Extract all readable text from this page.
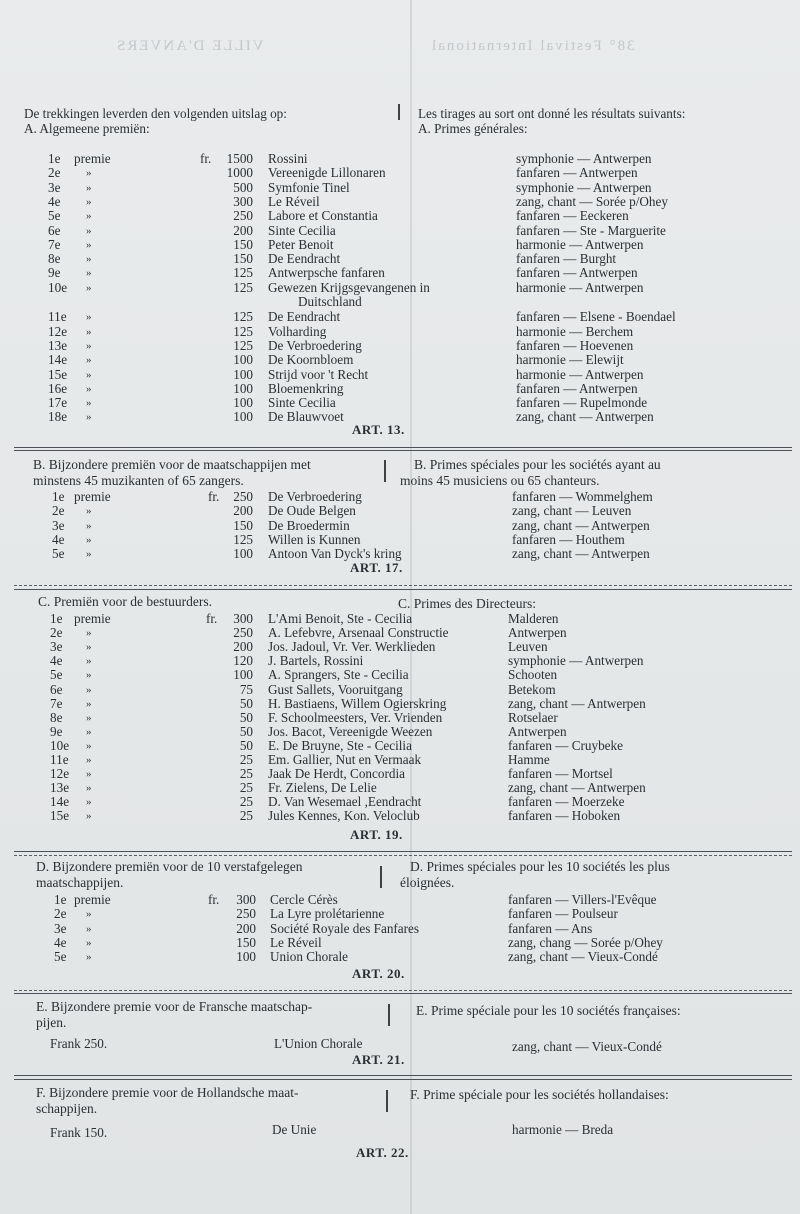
VILLE D'ANVERS	38° Festival International
De trekkingen leverden den volgenden uitslag op:
A. Algemeene premiën:
Les tirages au sort ont donné les résultats suivants:
A. Primes générales:
1e premie	fr.	1500 Rossini	symphonie — Antwerpen
2e »	1000 Vereenigde Lillonaren	fanfaren — Antwerpen
3e »	500 Symfonie Tinel	symphonie — Antwerpen
4e »	300 Le Réveil	zang, chant — Sorée p/Ohey
5e »	250 Labore et Constantia	fanfaren — Eeckeren
6e »	200 Sinte Cecilia	fanfaren — Ste - Marguerite
7e »	150 Peter Benoit	harmonie — Antwerpen
8e »	150 De Eendracht	fanfaren — Burght
9e »	125 Antwerpsche fanfaren	fanfaren — Antwerpen
10e »	125 Gewezen Krijgsgevangenen in	harmonie — Antwerpen
Duitschland
11e »	125 De Eendracht	fanfaren — Elsene - Boendael
12e »	125 Volharding	harmonie — Berchem
13e »	125 De Verbroedering	fanfaren — Hoevenen
14e »	100 De Koornbloem	harmonie — Elewijt
15e »	100 Strijd voor 't Recht	harmonie — Antwerpen
16e »	100 Bloemenkring	fanfaren — Antwerpen
17e »	100 Sinte Cecilia	fanfaren — Rupelmonde
18e »	100 De Blauwvoet	zang, chant — Antwerpen
ART. 13.
B. Bijzondere premiën voor de maatschappijen met
minstens 45 muzikanten of 65 zangers.
B. Primes spéciales pour les sociétés ayant au
moins 45 musiciens ou 65 chanteurs.
1e premie	fr.	250 De Verbroedering	fanfaren — Wommelghem
2e »	200 De Oude Belgen	zang, chant — Leuven
3e »	150 De Broedermin	zang, chant — Antwerpen
4e »	125 Willen is Kunnen	fanfaren — Houthem
5e »	100 Antoon Van Dyck's kring	zang, chant — Antwerpen
ART. 17.
C. Premiën voor de bestuurders.	C. Primes des Directeurs:
1e premie	fr.	300 L'Ami Benoit, Ste - Cecilia	Malderen
2e »	250 A. Lefebvre, Arsenaal Constructie	Antwerpen
3e »	200 Jos. Jadoul, Vr. Ver. Werklieden	Leuven
4e »	120 J. Bartels, Rossini	symphonie — Antwerpen
5e »	100 A. Sprangers, Ste - Cecilia	Schooten
6e »	75 Gust Sallets, Vooruitgang	Betekom
7e »	50 H. Bastiaens, Willem Ogierskring	zang, chant — Antwerpen
8e »	50 F. Schoolmeesters, Ver. Vrienden	Rotselaer
9e »	50 Jos. Bacot, Vereenigde Weezen	Antwerpen
10e »	50 E. De Bruyne, Ste - Cecilia	fanfaren — Cruybeke
11e »	25 Em. Gallier, Nut en Vermaak	Hamme
12e »	25 Jaak De Herdt, Concordia	fanfaren — Mortsel
13e »	25 Fr. Zielens, De Lelie	zang, chant — Antwerpen
14e »	25 D. Van Wesemael ,Eendracht	fanfaren — Moerzeke
15e »	25 Jules Kennes, Kon. Veloclub	fanfaren — Hoboken
ART. 19.
D. Bijzondere premiën voor de 10 verstafgelegen
maatschappijen.
D. Primes spéciales pour les 10 sociétés les plus
éloignées.
1e premie	fr.	300 Cercle Cérès	fanfaren — Villers-l'Evêque
2e »	250 La Lyre prolétarienne	fanfaren — Poulseur
3e »	200 Société Royale des Fanfares	fanfaren — Ans
4e »	150 Le Réveil	zang, chang — Sorée p/Ohey
5e »	100 Union Chorale	zang, chant — Vieux-Condé
ART. 20.
E. Bijzondere premie voor de Fransche maatschap-
pijen.
E. Prime spéciale pour les 10 sociétés françaises:
Frank 250.	L'Union Chorale	zang, chant — Vieux-Condé
ART. 21.
F. Bijzondere premie voor de Hollandsche maat-
schappijen.
F. Prime spéciale pour les sociétés hollandaises:
Frank 150.	De Unie	harmonie — Breda
ART. 22.
